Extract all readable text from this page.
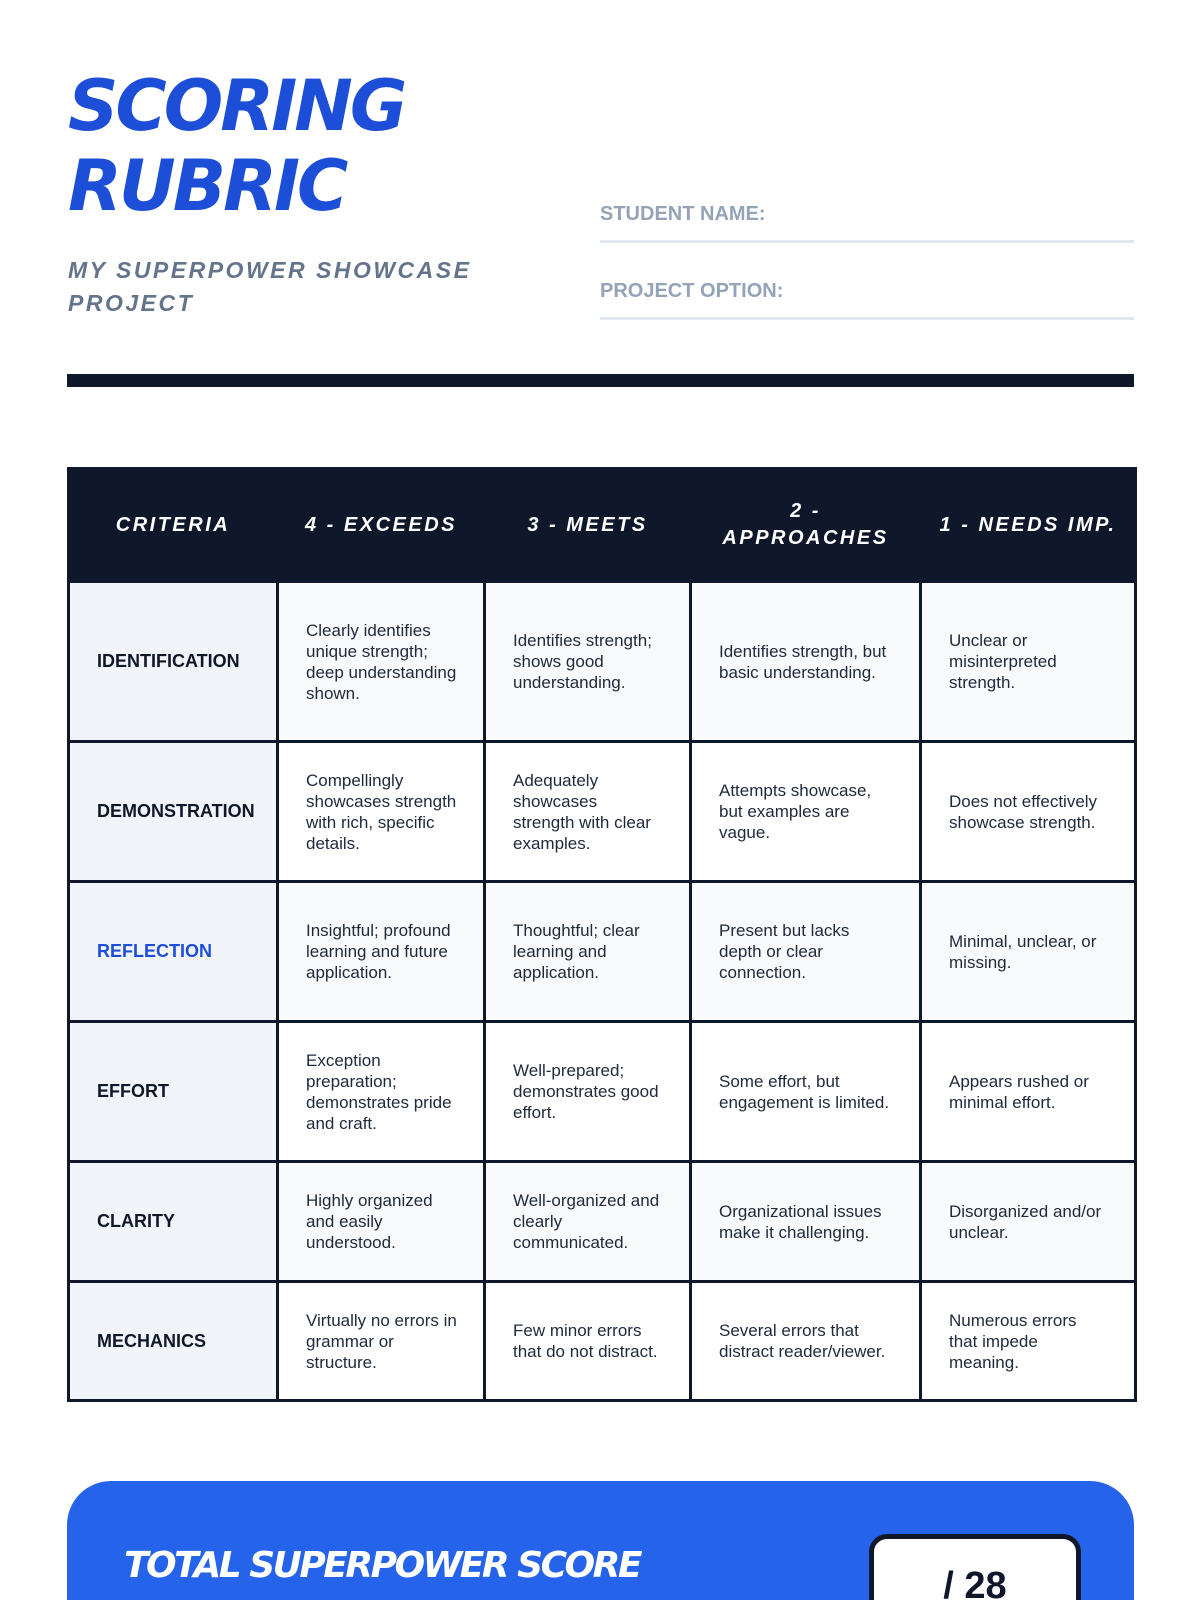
SCORING
RUBRIC
MY SUPERPOWER SHOWCASE PROJECT
STUDENT NAME:
PROJECT OPTION:
CRITERIA	4 - EXCEEDS	3 - MEETS	2 - APPROACHES	1 - NEEDS IMP.
IDENTIFICATION	Clearly identifies unique strength; deep understanding shown.	Identifies strength; shows good understanding.	Identifies strength, but basic understanding.	Unclear or misinterpreted strength.
DEMONSTRATION	Compellingly showcases strength with rich, specific details.	Adequately showcases strength with clear examples.	Attempts showcase, but examples are vague.	Does not effectively showcase strength.
REFLECTION	Insightful; profound learning and future application.	Thoughtful; clear learning and application.	Present but lacks depth or clear connection.	Minimal, unclear, or missing.
EFFORT	Exception preparation; demonstrates pride and craft.	Well-prepared; demonstrates good effort.	Some effort, but engagement is limited.	Appears rushed or minimal effort.
CLARITY	Highly organized and easily understood.	Well-organized and clearly communicated.	Organizational issues make it challenging.	Disorganized and/or unclear.
MECHANICS	Virtually no errors in grammar or structure.	Few minor errors that do not distract.	Several errors that distract reader/viewer.	Numerous errors that impede meaning.
TOTAL SUPERPOWER SCORE	/ 28
